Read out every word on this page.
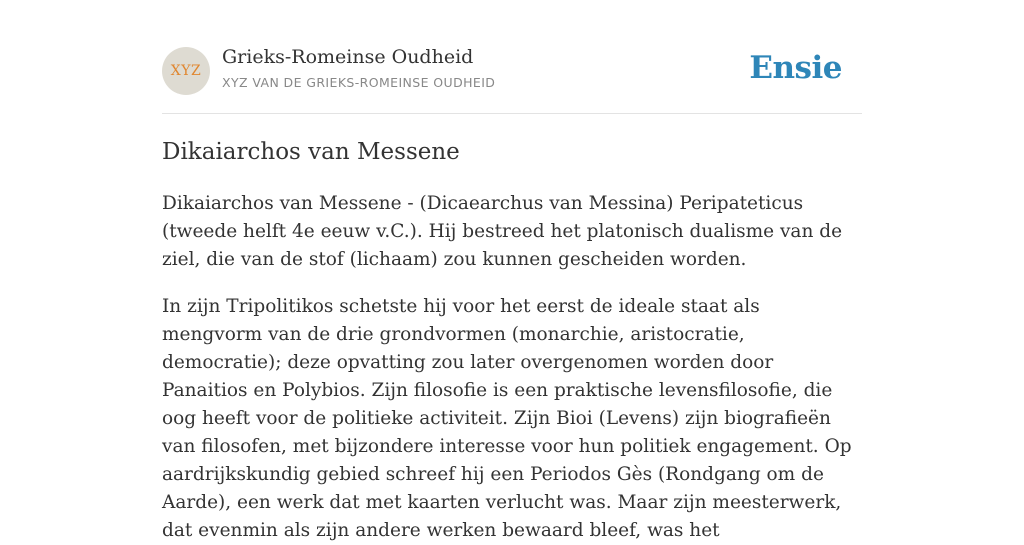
XYZ
Grieks-Romeinse Oudheid
XYZ VAN DE GRIEKS-ROMEINSE OUDHEID	Ensie
Dikaiarchos van Messene

Dikaiarchos van Messene - (Dicaearchus van Messina) Peripateticus (tweede helft 4e eeuw v.C.). Hij bestreed het platonisch dualisme van de ziel, die van de stof (lichaam) zou kunnen gescheiden worden.

In zijn Tripolitikos schetste hij voor het eerst de ideale staat als mengvorm van de drie grondvormen (monarchie, aristocratie, democratie); deze opvatting zou later overgenomen worden door Panaitios en Polybios. Zijn filosofie is een praktische levensfilosofie, die oog heeft voor de politieke activiteit. Zijn Bioi (Levens) zijn biografieën van filosofen, met bijzondere interesse voor hun politiek engagement. Op aardrijkskundig gebied schreef hij een Periodos Gès (Rondgang om de Aarde), een werk dat met kaarten verlucht was. Maar zijn meesterwerk, dat evenmin als zijn andere werken bewaard bleef, was het
